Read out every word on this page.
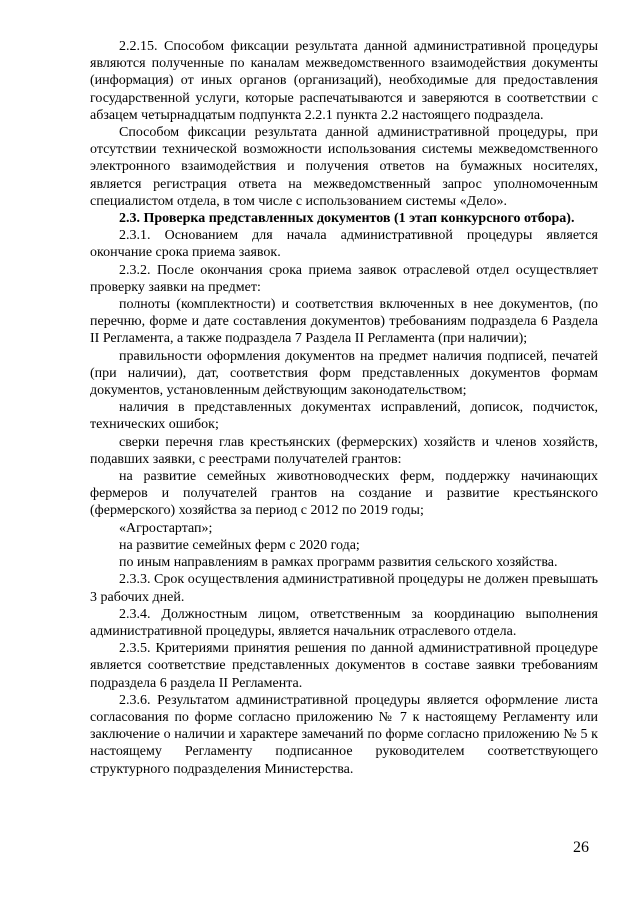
2.2.15. Способом фиксации результата данной административной процедуры являются полученные по каналам межведомственного взаимодействия документы (информация) от иных органов (организаций), необходимые для предоставления государственной услуги, которые распечатываются и заверяются в соответствии с абзацем четырнадцатым подпункта 2.2.1 пункта 2.2 настоящего подраздела.

Способом фиксации результата данной административной процедуры, при отсутствии технической возможности использования системы межведомственного электронного взаимодействия и получения ответов на бумажных носителях, является регистрация ответа на межведомственный запрос уполномоченным специалистом отдела, в том числе с использованием системы «Дело».

2.3. Проверка представленных документов (1 этап конкурсного отбора).

2.3.1. Основанием для начала административной процедуры является окончание срока приема заявок.

2.3.2. После окончания срока приема заявок отраслевой отдел осуществляет проверку заявки на предмет:

полноты (комплектности) и соответствия включенных в нее документов, (по перечню, форме и дате составления документов) требованиям подраздела 6 Раздела II Регламента, а также подраздела 7 Раздела II Регламента (при наличии);

правильности оформления документов на предмет наличия подписей, печатей (при наличии), дат, соответствия форм представленных документов формам документов, установленным действующим законодательством;

наличия в представленных документах исправлений, дописок, подчисток, технических ошибок;

сверки перечня глав крестьянских (фермерских) хозяйств и членов хозяйств, подавших заявки, с реестрами получателей грантов:

на развитие семейных животноводческих ферм, поддержку начинающих фермеров и получателей грантов на создание и развитие крестьянского (фермерского) хозяйства за период с 2012 по 2019 годы;

«Агростартап»;

на развитие семейных ферм с 2020 года;

по иным направлениям в рамках программ развития сельского хозяйства.

2.3.3. Срок осуществления административной процедуры не должен превышать 3 рабочих дней.

2.3.4. Должностным лицом, ответственным за координацию выполнения административной процедуры, является начальник отраслевого отдела.

2.3.5. Критериями принятия решения по данной административной процедуре является соответствие представленных документов в составе заявки требованиям подраздела 6 раздела II Регламента.

2.3.6. Результатом административной процедуры является оформление листа согласования по форме согласно приложению № 7 к настоящему Регламенту или заключение о наличии и характере замечаний по форме согласно приложению № 5 к настоящему Регламенту подписанное руководителем соответствующего структурного подразделения Министерства.

26
